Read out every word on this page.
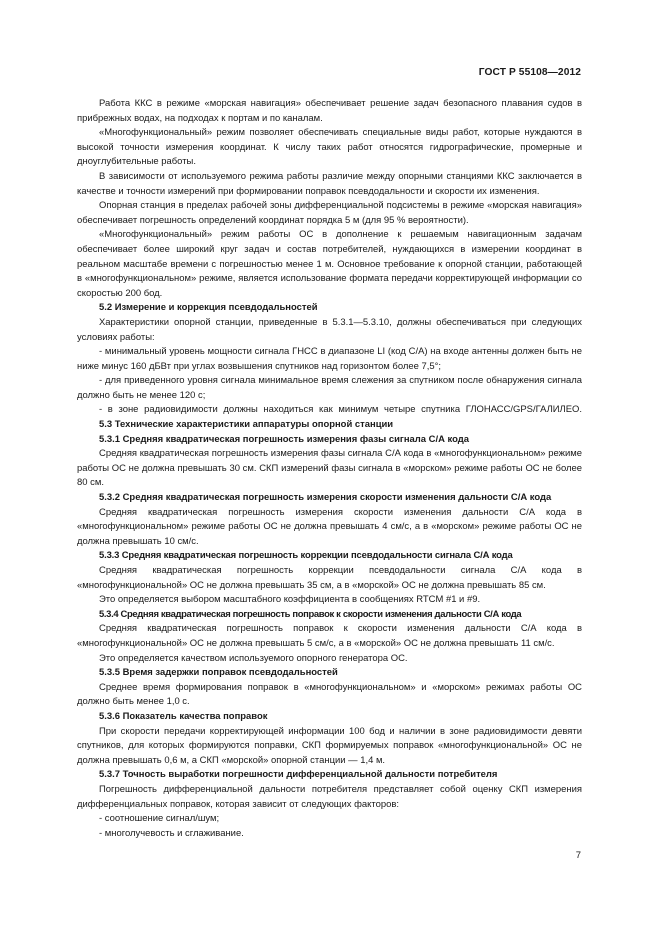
ГОСТ Р 55108—2012

Работа ККС в режиме «морская навигация» обеспечивает решение задач безопасного плавания судов в прибрежных водах, на подходах к портам и по каналам.

«Многофункциональный» режим позволяет обеспечивать специальные виды работ, которые нуждаются в высокой точности измерения координат. К числу таких работ относятся гидрографические, промерные и дноуглубительные работы.

В зависимости от используемого режима работы различие между опорными станциями ККС заключается в качестве и точности измерений при формировании поправок псевдодальности и скорости их изменения.

Опорная станция в пределах рабочей зоны дифференциальной подсистемы в режиме «морская навигация» обеспечивает погрешность определений координат порядка 5 м (для 95 % вероятности).

«Многофункциональный» режим работы ОС в дополнение к решаемым навигационным задачам обеспечивает более широкий круг задач и состав потребителей, нуждающихся в измерении координат в реальном масштабе времени с погрешностью менее 1 м. Основное требование к опорной станции, работающей в «многофункциональном» режиме, является использование формата передачи корректирующей информации со скоростью 200 бод.

5.2 Измерение и коррекция псевдодальностей

Характеристики опорной станции, приведенные в 5.3.1—5.3.10, должны обеспечиваться при следующих условиях работы:

- минимальный уровень мощности сигнала ГНСС в диапазоне LI (код С/А) на входе антенны должен быть не ниже минус 160 дБВт при углах возвышения спутников над горизонтом более 7,5°;

- для приведенного уровня сигнала минимальное время слежения за спутником после обнаружения сигнала должно быть не менее 120 с;

- в зоне радиовидимости должны находиться как минимум четыре спутника ГЛОНАСС/GPS/ГАЛИЛЕО.

5.3 Технические характеристики аппаратуры опорной станции

5.3.1 Средняя квадратическая погрешность измерения фазы сигнала С/А кода

Средняя квадратическая погрешность измерения фазы сигнала С/А кода в «многофункциональном» режиме работы ОС не должна превышать 30 см. СКП измерений фазы сигнала в «морском» режиме работы ОС не более 80 см.

5.3.2 Средняя квадратическая погрешность измерения скорости изменения дальности С/А кода

Средняя квадратическая погрешность измерения скорости изменения дальности С/А кода в «многофункциональном» режиме работы ОС не должна превышать 4 см/с, а в «морском» режиме работы ОС не должна превышать 10 см/с.

5.3.3 Средняя квадратическая погрешность коррекции псевдодальности сигнала С/А кода

Средняя квадратическая погрешность коррекции псевдодальности сигнала С/А кода в «многофункциональной» ОС не должна превышать 35 см, а в «морской» ОС не должна превышать 85 см.

Это определяется выбором масштабного коэффициента в сообщениях RTCM #1 и #9.

5.3.4 Средняя квадратическая погрешность поправок к скорости изменения дальности С/А кода

Средняя квадратическая погрешность поправок к скорости изменения дальности С/А кода в «многофункциональной» ОС не должна превышать 5 см/с, а в «морской» ОС не должна превышать 11 см/с.

Это определяется качеством используемого опорного генератора ОС.

5.3.5 Время задержки поправок псевдодальностей

Среднее время формирования поправок в «многофункциональном» и «морском» режимах работы ОС должно быть менее 1,0 с.

5.3.6 Показатель качества поправок

При скорости передачи корректирующей информации 100 бод и наличии в зоне радиовидимости девяти спутников, для которых формируются поправки, СКП формируемых поправок «многофункциональной» ОС не должна превышать 0,6 м, а СКП «морской» опорной станции — 1,4 м.

5.3.7 Точность выработки погрешности дифференциальной дальности потребителя

Погрешность дифференциальной дальности потребителя представляет собой оценку СКП измерения дифференциальных поправок, которая зависит от следующих факторов:

- соотношение сигнал/шум;

- многолучевость и сглаживание.

7
